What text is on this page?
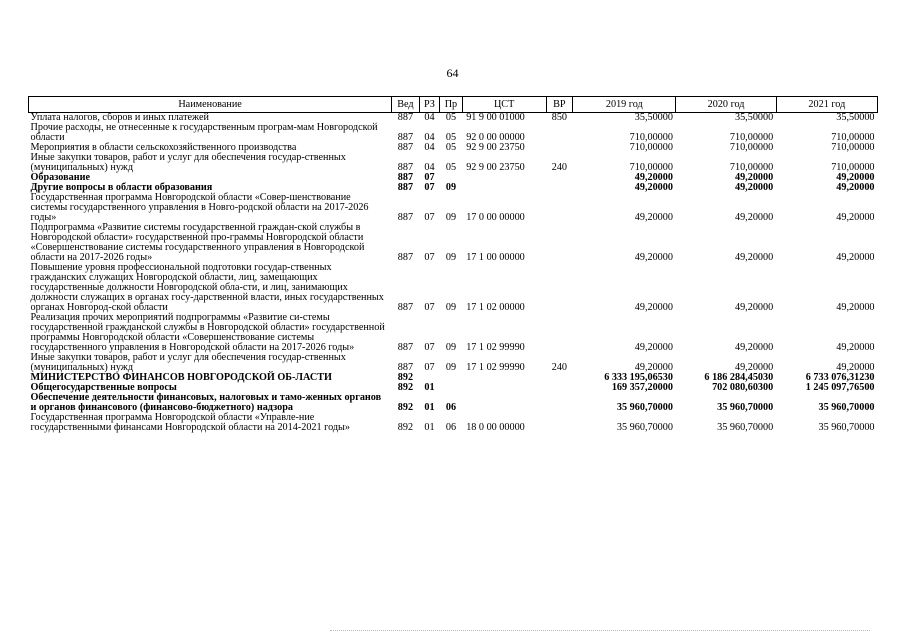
64
Наименование	Вед	РЗ	Пр	ЦСТ	ВР	2019 год	2020 год	2021 год
Уплата налогов, сборов и иных платежей	887	04	05	91 9 00 01000	850	35,50000	35,50000	35,50000
Прочие расходы, не отнесенные к государственным програм-мам Новгородской области	887	04	05	92 0 00 00000		710,00000	710,00000	710,00000
Мероприятия в области сельскохозяйственного производства	887	04	05	92 9 00 23750		710,00000	710,00000	710,00000
Иные закупки товаров, работ и услуг для обеспечения государ-ственных (муниципальных) нужд	887	04	05	92 9 00 23750	240	710,00000	710,00000	710,00000
Образование	887	07				49,20000	49,20000	49,20000
Другие вопросы в области образования	887	07	09			49,20000	49,20000	49,20000
Государственная программа Новгородской области «Совер-шенствование системы государственного управления в Новго-родской области на 2017-2026 годы»	887	07	09	17 0 00 00000		49,20000	49,20000	49,20000
Подпрограмма «Развитие системы государственной граждан-ской службы в Новгородской области» государственной про-граммы Новгородской области «Совершенствование системы государственного управления в Новгородской области на 2017-2026 годы»	887	07	09	17 1 00 00000		49,20000	49,20000	49,20000
Повышение уровня профессиональной подготовки государ-ственных гражданских служащих Новгородской области, лиц, замещающих государственные должности Новгородской обла-сти, и лиц, занимающих должности служащих в органах госу-дарственной власти, иных государственных органах Новгород-ской области	887	07	09	17 1 02 00000		49,20000	49,20000	49,20000
Реализация прочих мероприятий подпрограммы «Развитие си-стемы государственной гражданской службы в Новгородской области» государственной программы Новгородской области «Совершенствование системы государственного управления в Новгородской области на 2017-2026 годы»	887	07	09	17 1 02 99990		49,20000	49,20000	49,20000
Иные закупки товаров, работ и услуг для обеспечения государ-ственных (муниципальных) нужд	887	07	09	17 1 02 99990	240	49,20000	49,20000	49,20000
МИНИСТЕРСТВО ФИНАНСОВ НОВГОРОДСКОЙ ОБ-ЛАСТИ	892					6 333 195,06530	6 186 284,45030	6 733 076,31230
Общегосударственные вопросы	892	01				169 357,20000	702 080,60300	1 245 097,76500
Обеспечение деятельности финансовых, налоговых и тамо-женных органов и органов финансового (финансово-бюджетного) надзора	892	01	06			35 960,70000	35 960,70000	35 960,70000
Государственная программа Новгородской области «Управле-ние государственными финансами Новгородской области на 2014-2021 годы»	892	01	06	18 0 00 00000		35 960,70000	35 960,70000	35 960,70000
